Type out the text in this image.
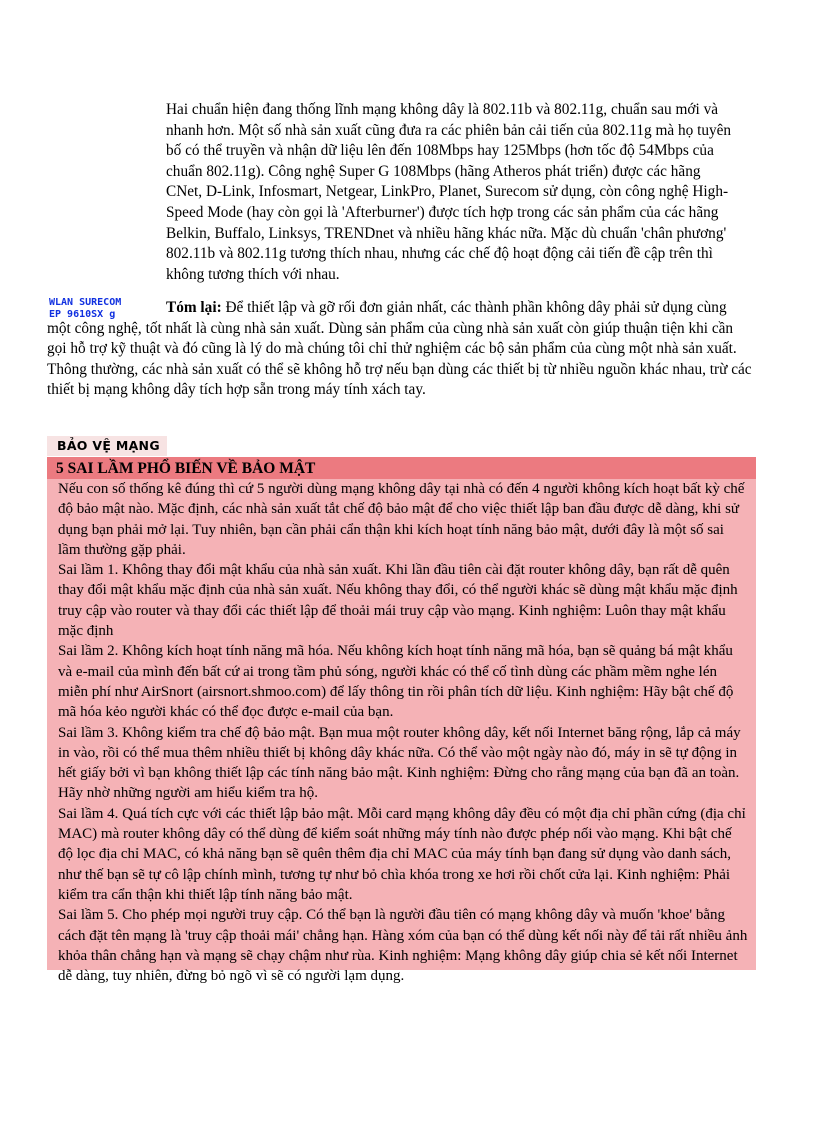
Hai chuẩn hiện đang thống lĩnh mạng không dây là 802.11b và 802.11g, chuẩn sau mới và nhanh hơn. Một số nhà sản xuất cũng đưa ra các phiên bản cải tiến của 802.11g mà họ tuyên bố có thể truyền và nhận dữ liệu lên đến 108Mbps hay 125Mbps (hơn tốc độ 54Mbps của chuẩn 802.11g). Công nghệ Super G 108Mbps (hãng Atheros phát triển) được các hãng CNet, D-Link, Infosmart, Netgear, LinkPro, Planet, Surecom sử dụng, còn công nghệ High-Speed Mode (hay còn gọi là 'Afterburner') được tích hợp trong các sản phẩm của các hãng Belkin, Buffalo, Linksys, TRENDnet và nhiều hãng khác nữa. Mặc dù chuẩn 'chân phương' 802.11b và 802.11g tương thích nhau, nhưng các chế độ hoạt động cải tiến đề cập trên thì không tương thích với nhau.
WLAN SURECOM
EP 9610SX g	Tóm lại: Để thiết lập và gỡ rối đơn giản nhất, các thành phần không dây phải sử dụng cùng một công nghệ, tốt nhất là cùng nhà sản xuất. Dùng sản phẩm của cùng nhà sản xuất còn giúp thuận tiện khi cần gọi hỗ trợ kỹ thuật và đó cũng là lý do mà chúng tôi chỉ thử nghiệm các bộ sản phẩm của cùng một nhà sản xuất. Thông thường, các nhà sản xuất có thể sẽ không hỗ trợ nếu bạn dùng các thiết bị từ nhiều nguồn khác nhau, trừ các thiết bị mạng không dây tích hợp sẵn trong máy tính xách tay.
BẢO VỆ MẠNG
5 SAI LẦM PHỔ BIẾN VỀ BẢO MẬT

Nếu con số thống kê đúng thì cứ 5 người dùng mạng không dây tại nhà có đến 4 người không kích hoạt bất kỳ chế độ bảo mật nào. Mặc định, các nhà sản xuất tắt chế độ bảo mật để cho việc thiết lập ban đầu được dễ dàng, khi sử dụng bạn phải mở lại. Tuy nhiên, bạn cần phải cẩn thận khi kích hoạt tính năng bảo mật, dưới đây là một số sai lầm thường gặp phải.

Sai lầm 1. Không thay đổi mật khẩu của nhà sản xuất. Khi lần đầu tiên cài đặt router không dây, bạn rất dễ quên thay đổi mật khẩu mặc định của nhà sản xuất. Nếu không thay đổi, có thể người khác sẽ dùng mật khẩu mặc định truy cập vào router và thay đổi các thiết lập để thoải mái truy cập vào mạng. Kinh nghiệm: Luôn thay mật khẩu mặc định

Sai lầm 2. Không kích hoạt tính năng mã hóa. Nếu không kích hoạt tính năng mã hóa, bạn sẽ quảng bá mật khẩu và e-mail của mình đến bất cứ ai trong tầm phủ sóng, người khác có thể cố tình dùng các phầm mềm nghe lén miễn phí như AirSnort (airsnort.shmoo.com) để lấy thông tin rồi phân tích dữ liệu. Kinh nghiệm: Hãy bật chế độ mã hóa kẻo người khác có thể đọc được e-mail của bạn.

Sai lầm 3. Không kiểm tra chế độ bảo mật. Bạn mua một router không dây, kết nối Internet băng rộng, lắp cả máy in vào, rồi có thể mua thêm nhiều thiết bị không dây khác nữa. Có thể vào một ngày nào đó, máy in sẽ tự động in hết giấy bởi vì bạn không thiết lập các tính năng bảo mật. Kinh nghiệm: Đừng cho rằng mạng của bạn đã an toàn. Hãy nhờ những người am hiểu kiểm tra hộ.

Sai lầm 4. Quá tích cực với các thiết lập bảo mật. Mỗi card mạng không dây đều có một địa chỉ phần cứng (địa chỉ MAC) mà router không dây có thể dùng để kiểm soát những máy tính nào được phép nối vào mạng. Khi bật chế độ lọc địa chỉ MAC, có khả năng bạn sẽ quên thêm địa chỉ MAC của máy tính bạn đang sử dụng vào danh sách, như thế bạn sẽ tự cô lập chính mình, tương tự như bỏ chìa khóa trong xe hơi rồi chốt cửa lại. Kinh nghiệm: Phải kiểm tra cẩn thận khi thiết lập tính năng bảo mật.

Sai lầm 5. Cho phép mọi người truy cập. Có thể bạn là người đầu tiên có mạng không dây và muốn 'khoe' bằng cách đặt tên mạng là 'truy cập thoải mái' chẳng hạn. Hàng xóm của bạn có thể dùng kết nối này để tải rất nhiều ảnh khỏa thân chẳng hạn và mạng sẽ chạy chậm như rùa. Kinh nghiệm: Mạng không dây giúp chia sẻ kết nối Internet dễ dàng, tuy nhiên, đừng bỏ ngõ vì sẽ có người lạm dụng.
